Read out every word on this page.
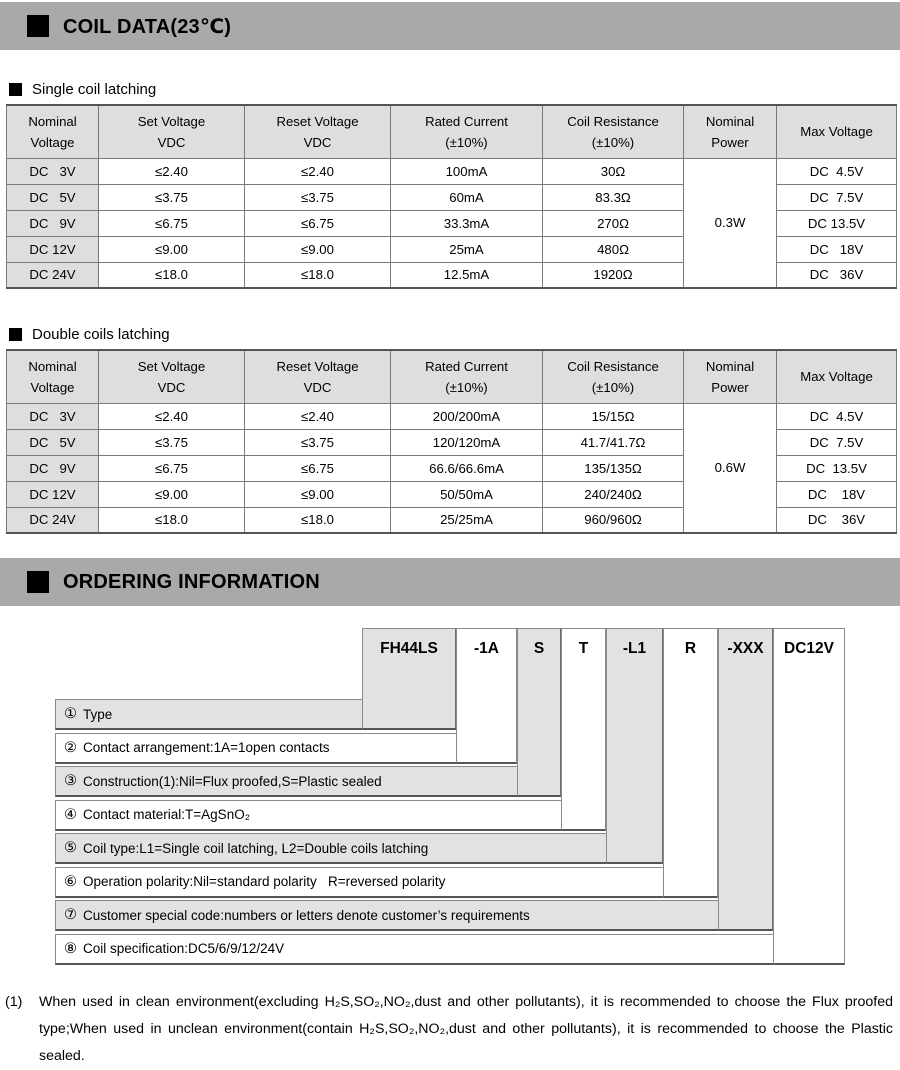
COIL DATA(23℃)
Single coil latching
Nominal
Voltage

Set Voltage
VDC

Reset Voltage
VDC

Rated Current
(±10%)

Coil Resistance
(±10%)

Nominal
Power

Max Voltage

DC   3V	≤2.40	≤2.40	100mA	30Ω	0.3W	DC  4.5V
DC   5V	≤3.75	≤3.75	60mA	83.3Ω		DC  7.5V
DC   9V	≤6.75	≤6.75	33.3mA	270Ω		DC 13.5V
DC 12V	≤9.00	≤9.00	25mA	480Ω		DC   18V
DC 24V	≤18.0	≤18.0	12.5mA	1920Ω		DC   36V
Double coils latching
Nominal
Voltage

Set Voltage
VDC

Reset Voltage
VDC

Rated Current
(±10%)

Coil Resistance
(±10%)

Nominal
Power

Max Voltage

DC   3V	≤2.40	≤2.40	200/200mA	15/15Ω	0.6W	DC  4.5V
DC   5V	≤3.75	≤3.75	120/120mA	41.7/41.7Ω		DC  7.5V
DC   9V	≤6.75	≤6.75	66.6/66.6mA	135/135Ω		DC  13.5V
DC 12V	≤9.00	≤9.00	50/50mA	240/240Ω		DC    18V
DC 24V	≤18.0	≤18.0	25/25mA	960/960Ω		DC    36V
ORDERING INFORMATION
① Type
② Contact arrangement:1A=1open contacts
③ Construction(1):Nil=Flux proofed,S=Plastic sealed
④ Contact material:T=AgSnO₂
⑤ Coil type:L1=Single coil latching, L2=Double coils latching
⑥ Operation polarity:Nil=standard polarity   R=reversed polarity
⑦ Customer special code:numbers or letters denote customer’s requirements
⑧ Coil specification:DC5/6/9/12/24V
FH44LS	-1A	S	T	-L1	R	-XXX	DC12V
(1)	When used in clean environment(excluding H₂S,SO₂,NO₂,dust and other pollutants), it is recommended to choose the Flux proofed type;When used in unclean environment(contain H₂S,SO₂,NO₂,dust and other pollutants), it is recommended to choose the Plastic sealed.
